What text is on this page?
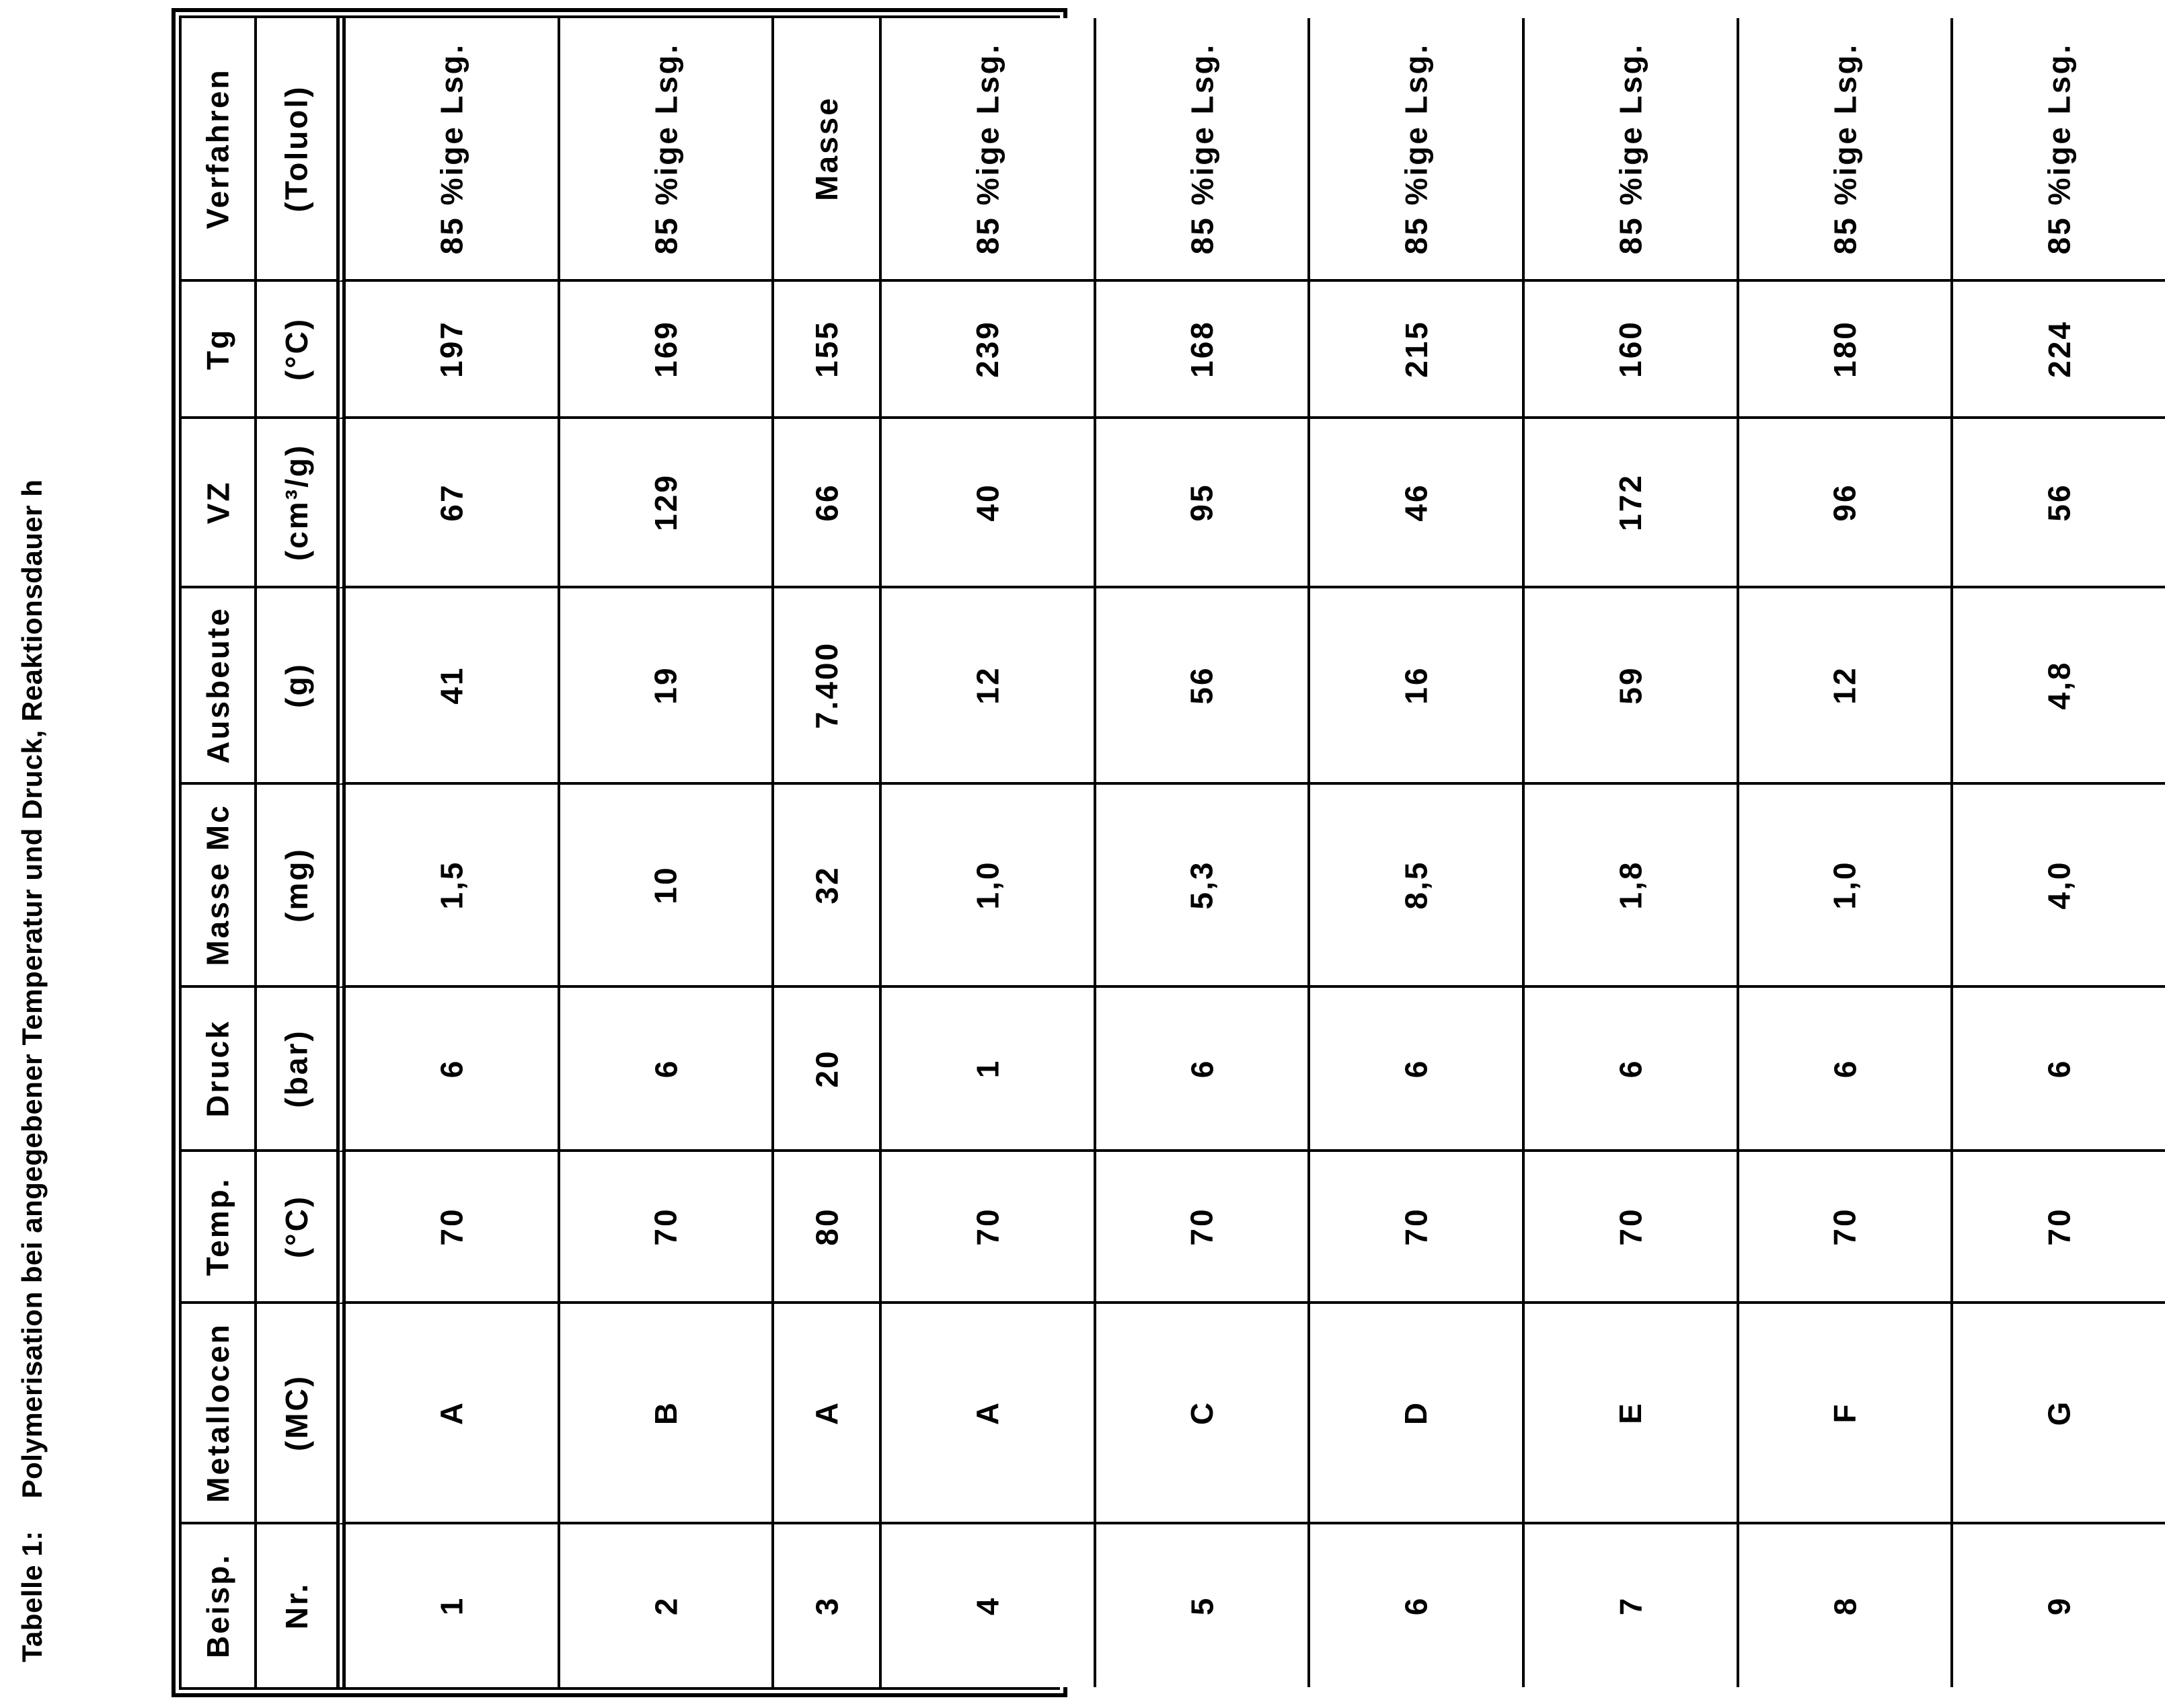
Tabelle 1:Polymerisation bei angegebener Temperatur und Druck, Reaktionsdauer h
Verfahren (Toluol)	85 %ige Lsg.	85 %ige Lsg.	Masse	85 %ige Lsg.	85 %ige Lsg.	85 %ige Lsg.	85 %ige Lsg.	85 %ige Lsg.	85 %ige Lsg.
Tg (°C)	197	169	155	239	168	215	160	180	224
VZ (cm³/g)	67	129	66	40	95	46	172	96	56
Ausbeute (g)	41	19	7.400	12	56	16	59	12	4,8
Masse Mc (mg)	1,5	10	32	1,0	5,3	8,5	1,8	1,0	4,0
Druck (bar)	6	6	20	1	6	6	6	6	6
Temp. (°C)	70	70	80	70	70	70	70	70	70
Metallocen (MC)	A	B	A	A	C	D	E	F	G
Beisp. Nr.	1	2	3	4	5	6	7	8	9
